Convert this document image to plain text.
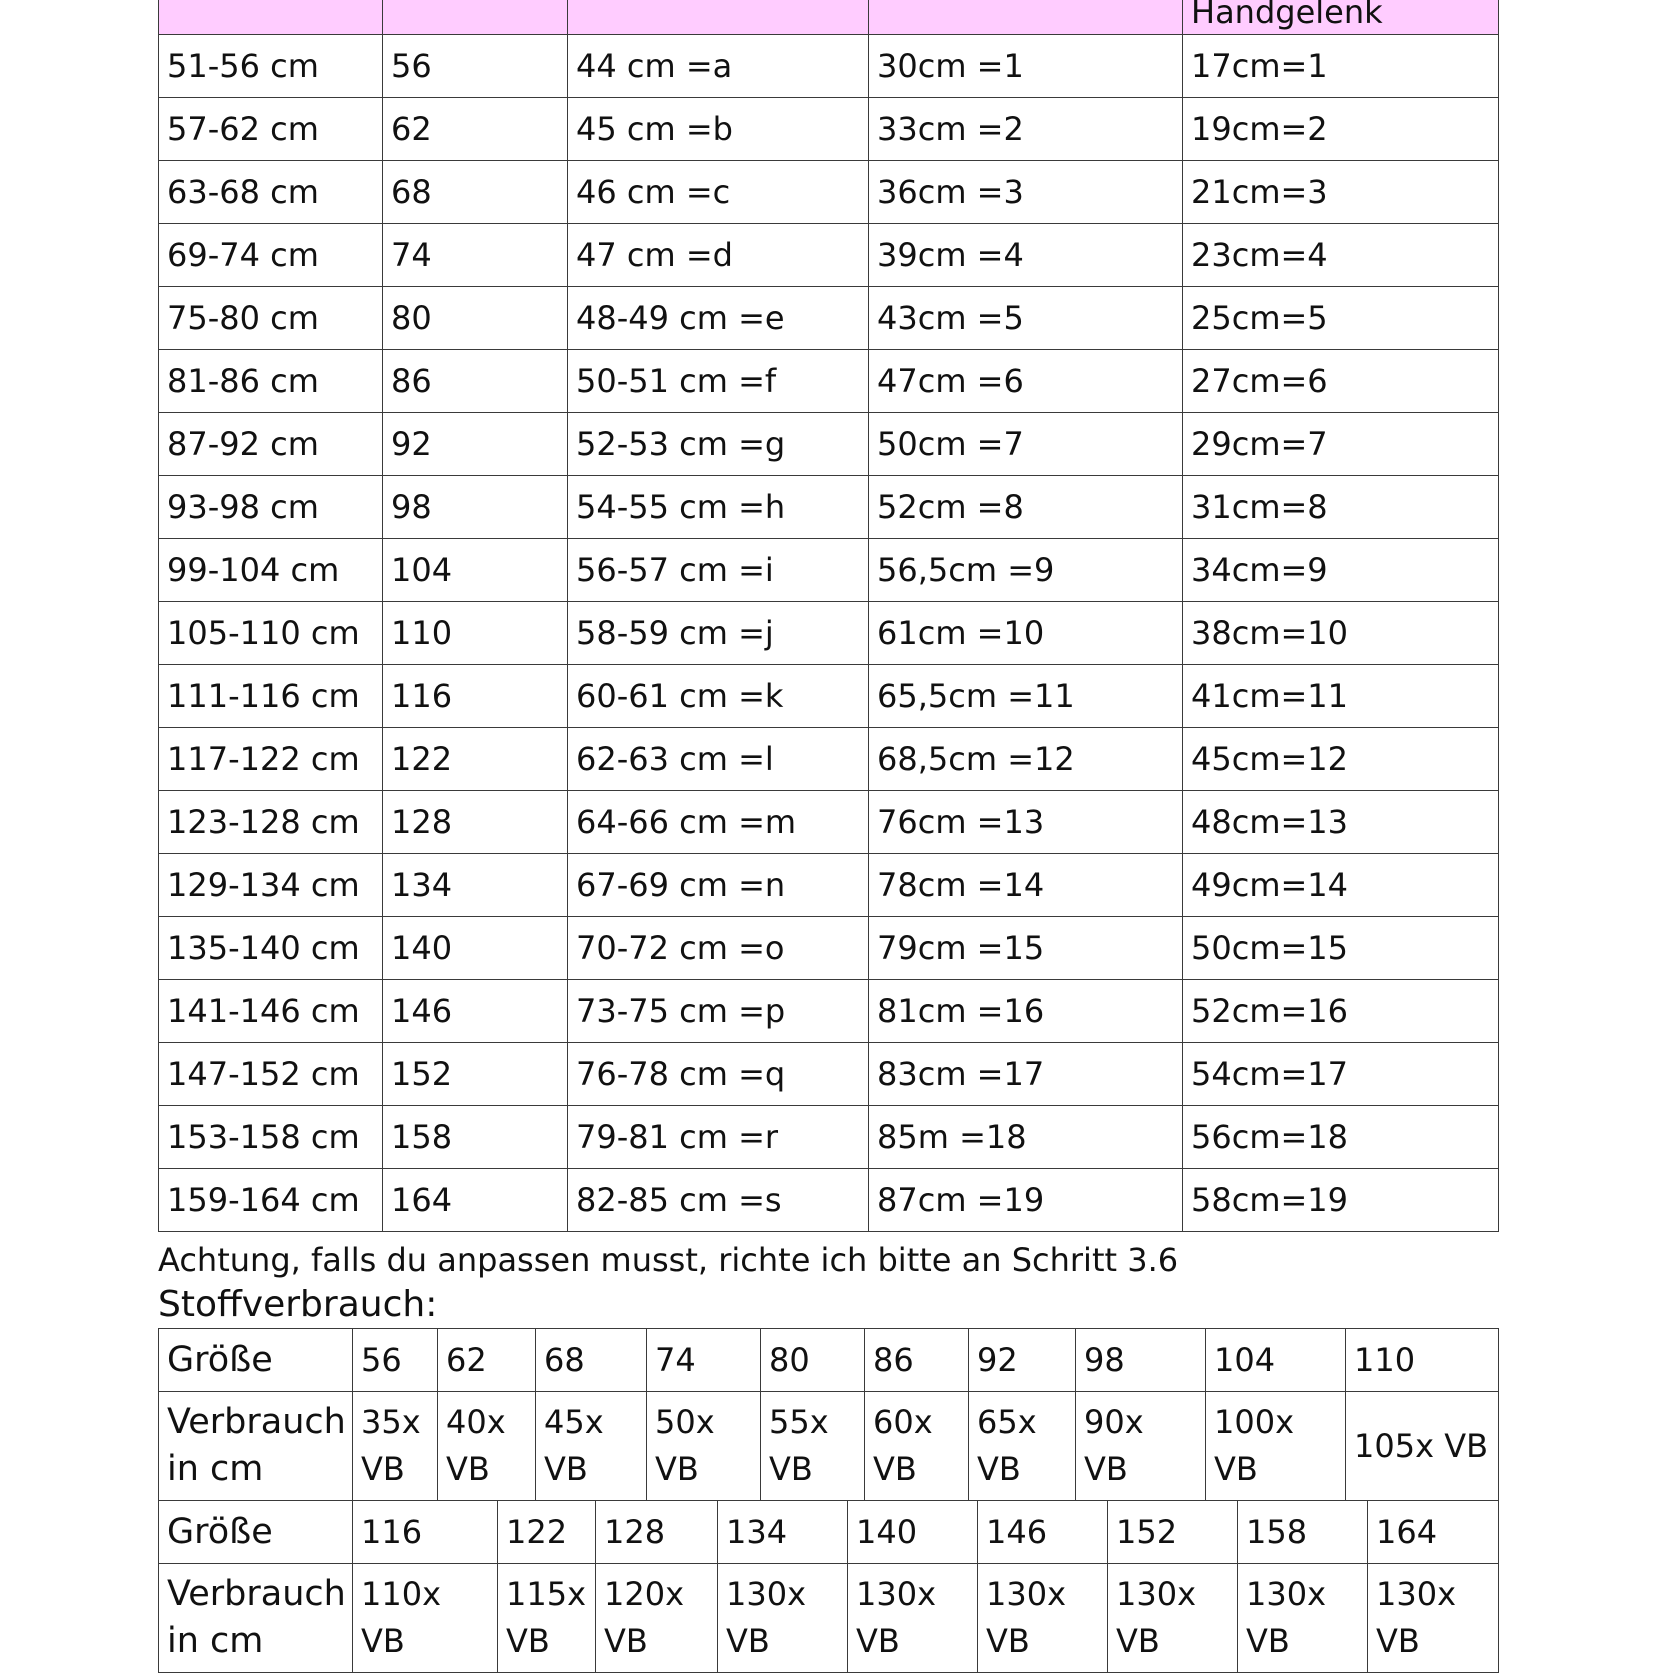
				Handgelenk

51-56 cm	56	44 cm =a	30cm =1	17cm=1
57-62 cm	62	45 cm =b	33cm =2	19cm=2
63-68 cm	68	46 cm =c	36cm =3	21cm=3
69-74 cm	74	47 cm =d	39cm =4	23cm=4
75-80 cm	80	48-49 cm =e	43cm =5	25cm=5
81-86 cm	86	50-51 cm =f	47cm =6	27cm=6
87-92 cm	92	52-53 cm =g	50cm =7	29cm=7
93-98 cm	98	54-55 cm =h	52cm =8	31cm=8
99-104 cm	104	56-57 cm =i	56,5cm =9	34cm=9
105-110 cm	110	58-59 cm =j	61cm =10	38cm=10
111-116 cm	116	60-61 cm =k	65,5cm =11	41cm=11
117-122 cm	122	62-63 cm =l	68,5cm =12	45cm=12
123-128 cm	128	64-66 cm =m	76cm =13	48cm=13
129-134 cm	134	67-69 cm =n	78cm =14	49cm=14
135-140 cm	140	70-72 cm =o	79cm =15	50cm=15
141-146 cm	146	73-75 cm =p	81cm =16	52cm=16
147-152 cm	152	76-78 cm =q	83cm =17	54cm=17
153-158 cm	158	79-81 cm =r	85m =18	56cm=18
159-164 cm	164	82-85 cm =s	87cm =19	58cm=19
Achtung, falls du anpassen musst, richte ich bitte an Schritt 3.6
Stoffverbrauch:
Größe	56	62	68	74	80	86	92	98	104	110
Verbrauch in cm	35x VB	40x VB	45x VB	50x VB	55x VB	60x VB	65x VB	90x VB	100x VB	105x VB
Größe	116	122	128	134	140	146	152	158	164
Verbrauch in cm	110x VB	115x VB	120x VB	130x VB	130x VB	130x VB	130x VB	130x VB	130x VB
